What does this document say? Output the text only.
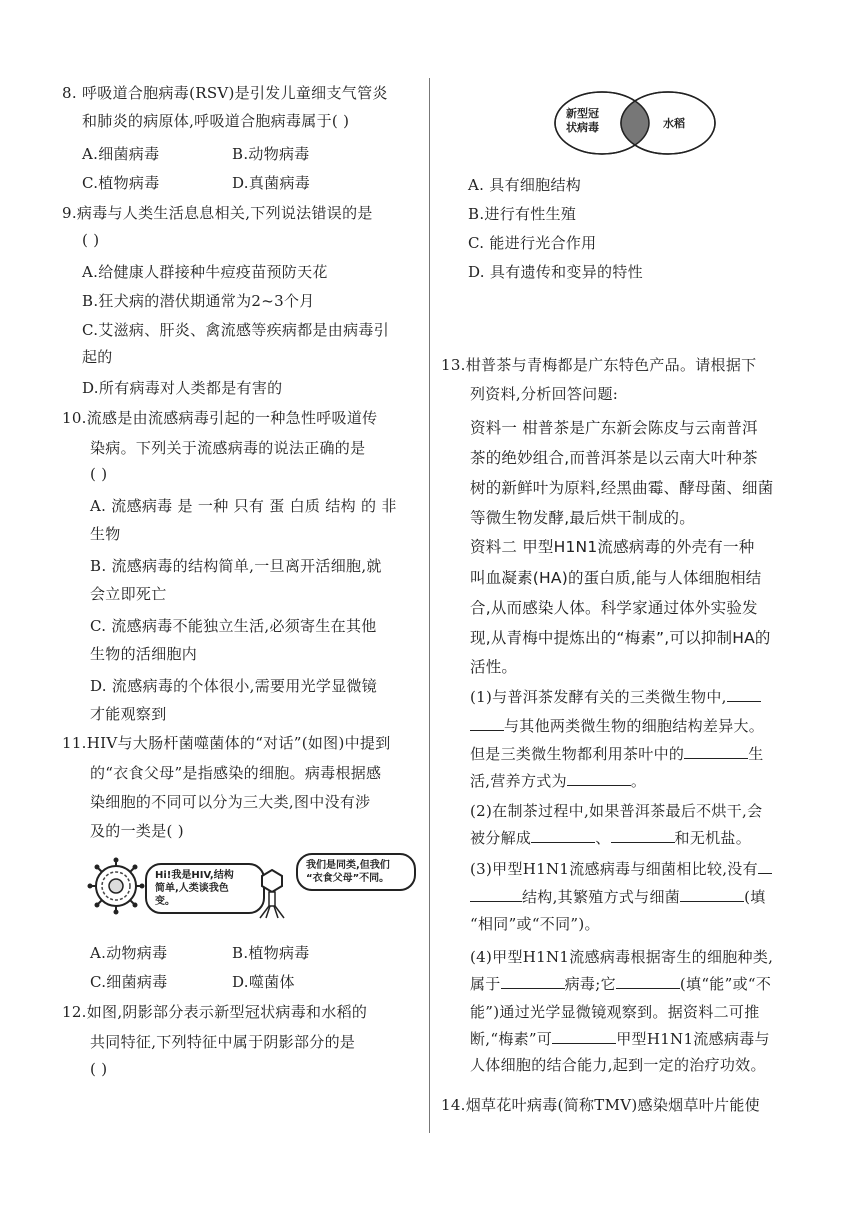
8. 呼吸道合胞病毒(RSV)是引发儿童细支气管炎
和肺炎的病原体,呼吸道合胞病毒属于( )
A.细菌病毒	B.动物病毒
C.植物病毒	D.真菌病毒
9.病毒与人类生活息息相关,下列说法错误的是
( )
A.给健康人群接种牛痘疫苗预防天花
B.狂犬病的潜伏期通常为2~3个月
C.艾滋病、肝炎、禽流感等疾病都是由病毒引
起的
D.所有病毒对人类都是有害的
10.流感是由流感病毒引起的一种急性呼吸道传
染病。下列关于流感病毒的说法正确的是
( )
A. 流感病毒 是 一种 只有 蛋 白质 结构 的 非
生物
B. 流感病毒的结构简单,一旦离开活细胞,就
会立即死亡
C. 流感病毒不能独立生活,必须寄生在其他
生物的活细胞内
D. 流感病毒的个体很小,需要用光学显微镜
才能观察到
11.HIV与大肠杆菌噬菌体的“对话”(如图)中提到
的“衣食父母”是指感染的细胞。病毒根据感
染细胞的不同可以分为三大类,图中没有涉
及的一类是( )
Hi!我是HIV,结构
简单,人类谈我色
变。
我们是同类,但我们
“衣食父母”不同。
A.动物病毒	B.植物病毒
C.细菌病毒	D.噬菌体
12.如图,阴影部分表示新型冠状病毒和水稻的
共同特征,下列特征中属于阴影部分的是
( )
新型冠
状病毒	水稻
A. 具有细胞结构
B.进行有性生殖
C. 能进行光合作用
D. 具有遗传和变异的特性
13.柑普茶与青梅都是广东特色产品。请根据下
列资料,分析回答问题:
资料一 柑普茶是广东新会陈皮与云南普洱
茶的绝妙组合,而普洱茶是以云南大叶种茶
树的新鲜叶为原料,经黑曲霉、酵母菌、细菌
等微生物发酵,最后烘干制成的。
资料二 甲型H1N1流感病毒的外壳有一种
叫血凝素(HA)的蛋白质,能与人体细胞相结
合,从而感染人体。科学家通过体外实验发
现,从青梅中提炼出的“梅素”,可以抑制HA的
活性。
(1)与普洱茶发酵有关的三类微生物中,
与其他两类微生物的细胞结构差异大。
但是三类微生物都利用茶叶中的	生
活,营养方式为	。
(2)在制茶过程中,如果普洱茶最后不烘干,会
被分解成	、	和无机盐。
(3)甲型H1N1流感病毒与细菌相比较,没有
结构,其繁殖方式与细菌	(填
“相同”或“不同”)。
(4)甲型H1N1流感病毒根据寄生的细胞种类,
属于	病毒;它	(填“能”或“不
能”)通过光学显微镜观察到。据资料二可推
断,“梅素”可	甲型H1N1流感病毒与
人体细胞的结合能力,起到一定的治疗功效。
14.烟草花叶病毒(简称TMV)感染烟草叶片能使
